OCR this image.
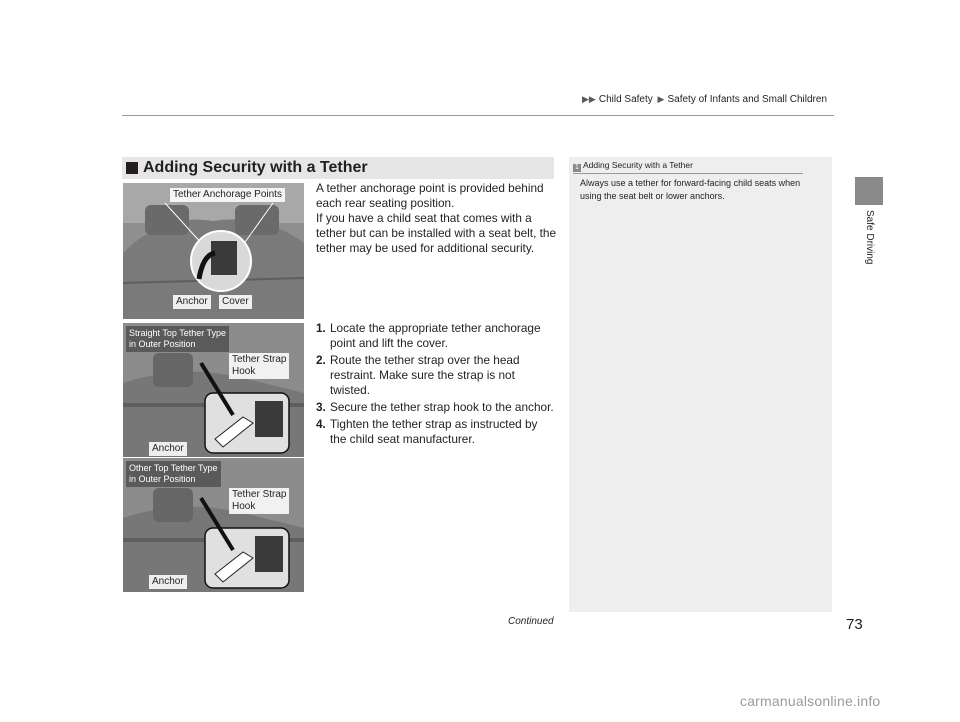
▶▶ Child Safety ▶ Safety of Infants and Small Children
Safe Driving
Adding Security with a Tether

A tether anchorage point is provided behind each rear seating position.

If you have a child seat that comes with a tether but can be installed with a seat belt, the tether may be used for additional security.

1. Locate the appropriate tether anchorage point and lift the cover.
2. Route the tether strap over the head restraint. Make sure the strap is not twisted.
3. Secure the tether strap hook to the anchor.
4. Tighten the tether strap as instructed by the child seat manufacturer.
1 Adding Security with a Tether
Always use a tether for forward-facing child seats when using the seat belt or lower anchors.
Tether Anchorage Points
Anchor	Cover
Straight Top Tether Type
in Outer Position
Tether Strap
Hook
Anchor
Other Top Tether Type
in Outer Position
Tether Strap
Hook
Anchor
Continued	73
carmanualsonline.info
